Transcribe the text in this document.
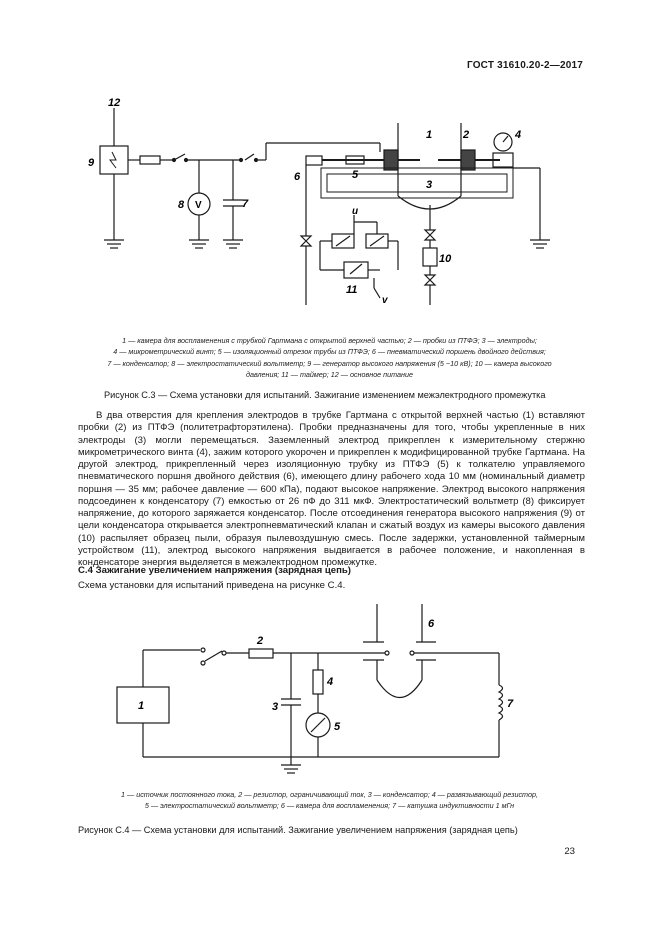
ГОСТ 31610.20-2—2017
12
9
8 V	7
6	5
1	2	4
3
u
10
11
v
1 — камера для воспламенения с трубкой Гартмана с открытой верхней частью; 2 — пробки из ПТФЭ; 3 — электроды;
4 — микрометрический винт; 5 — изоляционный отрезок трубы из ПТФЭ; 6 — пневматический поршень двойного действия;
7 — конденсатор; 8 — электростатический вольтметр; 9 — генератор высокого напряжения (5 −10 кВ); 10 — камера высокого
давления; 11 — таймер; 12 — основное питание
Рисунок С.3 — Схема установки для испытаний. Зажигание изменением межэлектродного промежутка

В два отверстия для крепления электродов в трубке Гартмана с открытой верхней частью (1) вставляют пробки (2) из ПТФЭ (политетрафторэтилена). Пробки предназначены для того, чтобы укрепленные в них электроды (3) могли перемещаться. Заземленный электрод прикреплен к измерительному стержню микрометрического винта (4), зажим которого укорочен и прикреплен к модифицированной трубке Гартмана. На другой электрод, прикрепленный через изоляционную трубку из ПТФЭ (5) к толкателю управляемого пневматического поршня двойного действия (6), имеющего длину рабочего хода 10 мм (номинальный диаметр поршня — 35 мм; рабочее давление — 600 кПа), подают высокое напряжение. Электрод высокого напряжения подсоединен к конденсатору (7) емкостью от 26 пФ до 311 мкФ. Электростатический вольтметр (8) фиксирует напряжение, до которого заряжается конденсатор. После отсоединения генератора высокого напряжения (9) от цели конденсатора открывается электропневматический клапан и сжатый воздух из камеры высокого давления (10) распыляет образец пыли, образуя пылевоздушную смесь. После задержки, установленной таймерным устройством (11), электрод высокого напряжения выдвигается в рабочее положение, и накопленная в конденсаторе энергия выделяется в межэлектродном промежутке.

С.4 Зажигание увеличением напряжения (зарядная цепь)
Схема установки для испытаний приведена на рисунке С.4.
1
2
3
4
5
6
7
1 — источник постоянного тока, 2 — резистор, ограничивающий ток, 3 — конденсатор; 4 — развязывающий резистор,
5 — электростатический вольтметр; 6 — камера для воспламенения; 7 — катушка индуктивности 1 мГн
Рисунок С.4 — Схема установки для испытаний. Зажигание увеличением напряжения (зарядная цепь)
23
